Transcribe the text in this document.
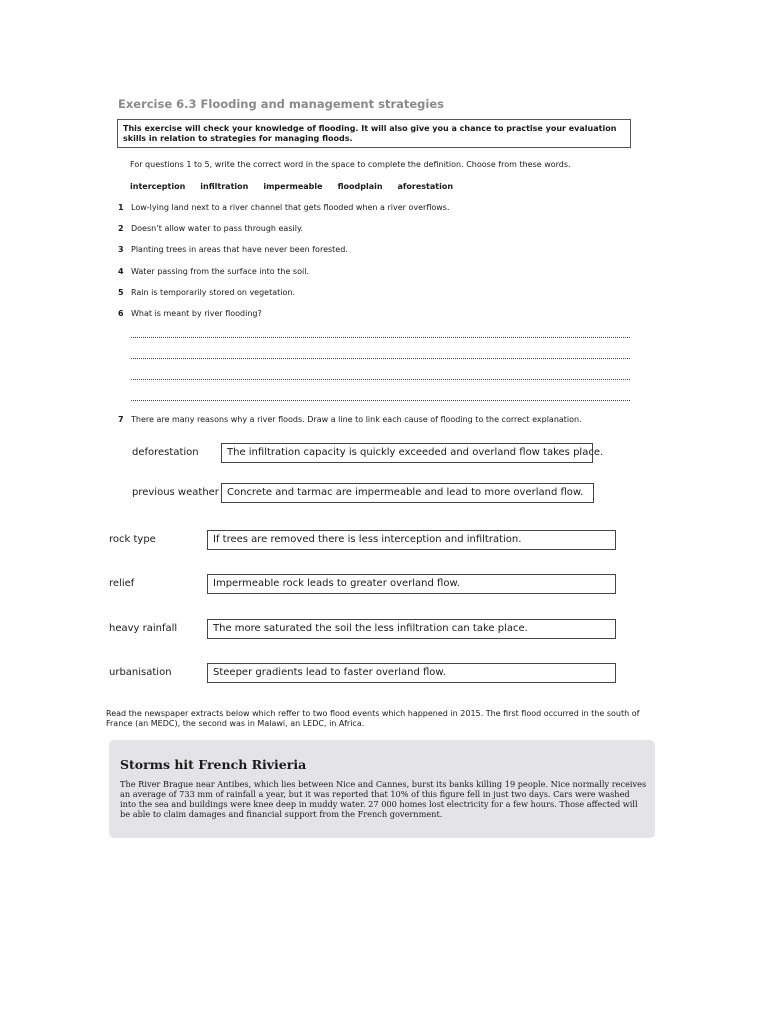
Exercise 6.3 Flooding and management strategies
This exercise will check your knowledge of flooding. It will also give you a chance to practise your evaluation skills in relation to strategies for managing floods.
For questions 1 to 5, write the correct word in the space to complete the definition. Choose from these words.
interception infiltration impermeable floodplain aforestation
1 Low-lying land next to a river channel that gets flooded when a river overflows.
2 Doesn’t allow water to pass through easily.
3 Planting trees in areas that have never been forested.
4 Water passing from the surface into the soil.
5 Rain is temporarily stored on vegetation.
6 What is meant by river flooding?
7 There are many reasons why a river floods. Draw a line to link each cause of flooding to the correct explanation.
deforestation
previous weather
rock type
relief
heavy rainfall
urbanisation
The infiltration capacity is quickly exceeded and overland flow takes place.
Concrete and tarmac are impermeable and lead to more overland flow.
If trees are removed there is less interception and infiltration.
Impermeable rock leads to greater overland flow.
The more saturated the soil the less infiltration can take place.
Steeper gradients lead to faster overland flow.
Read the newspaper extracts below which reffer to two flood events which happened in 2015. The first flood occurred in the south of France (an MEDC), the second was in Malawi, an LEDC, in Africa.
Storms hit French Rivieria
The River Brague near Antibes, which lies between Nice and Cannes, burst its banks killing 19 people. Nice normally receives an average of 733 mm of rainfall a year, but it was reported that 10% of this figure fell in just two days. Cars were washed into the sea and buildings were knee deep in muddy water. 27 000 homes lost electricity for a few hours. Those affected will be able to claim damages and financial support from the French government.
